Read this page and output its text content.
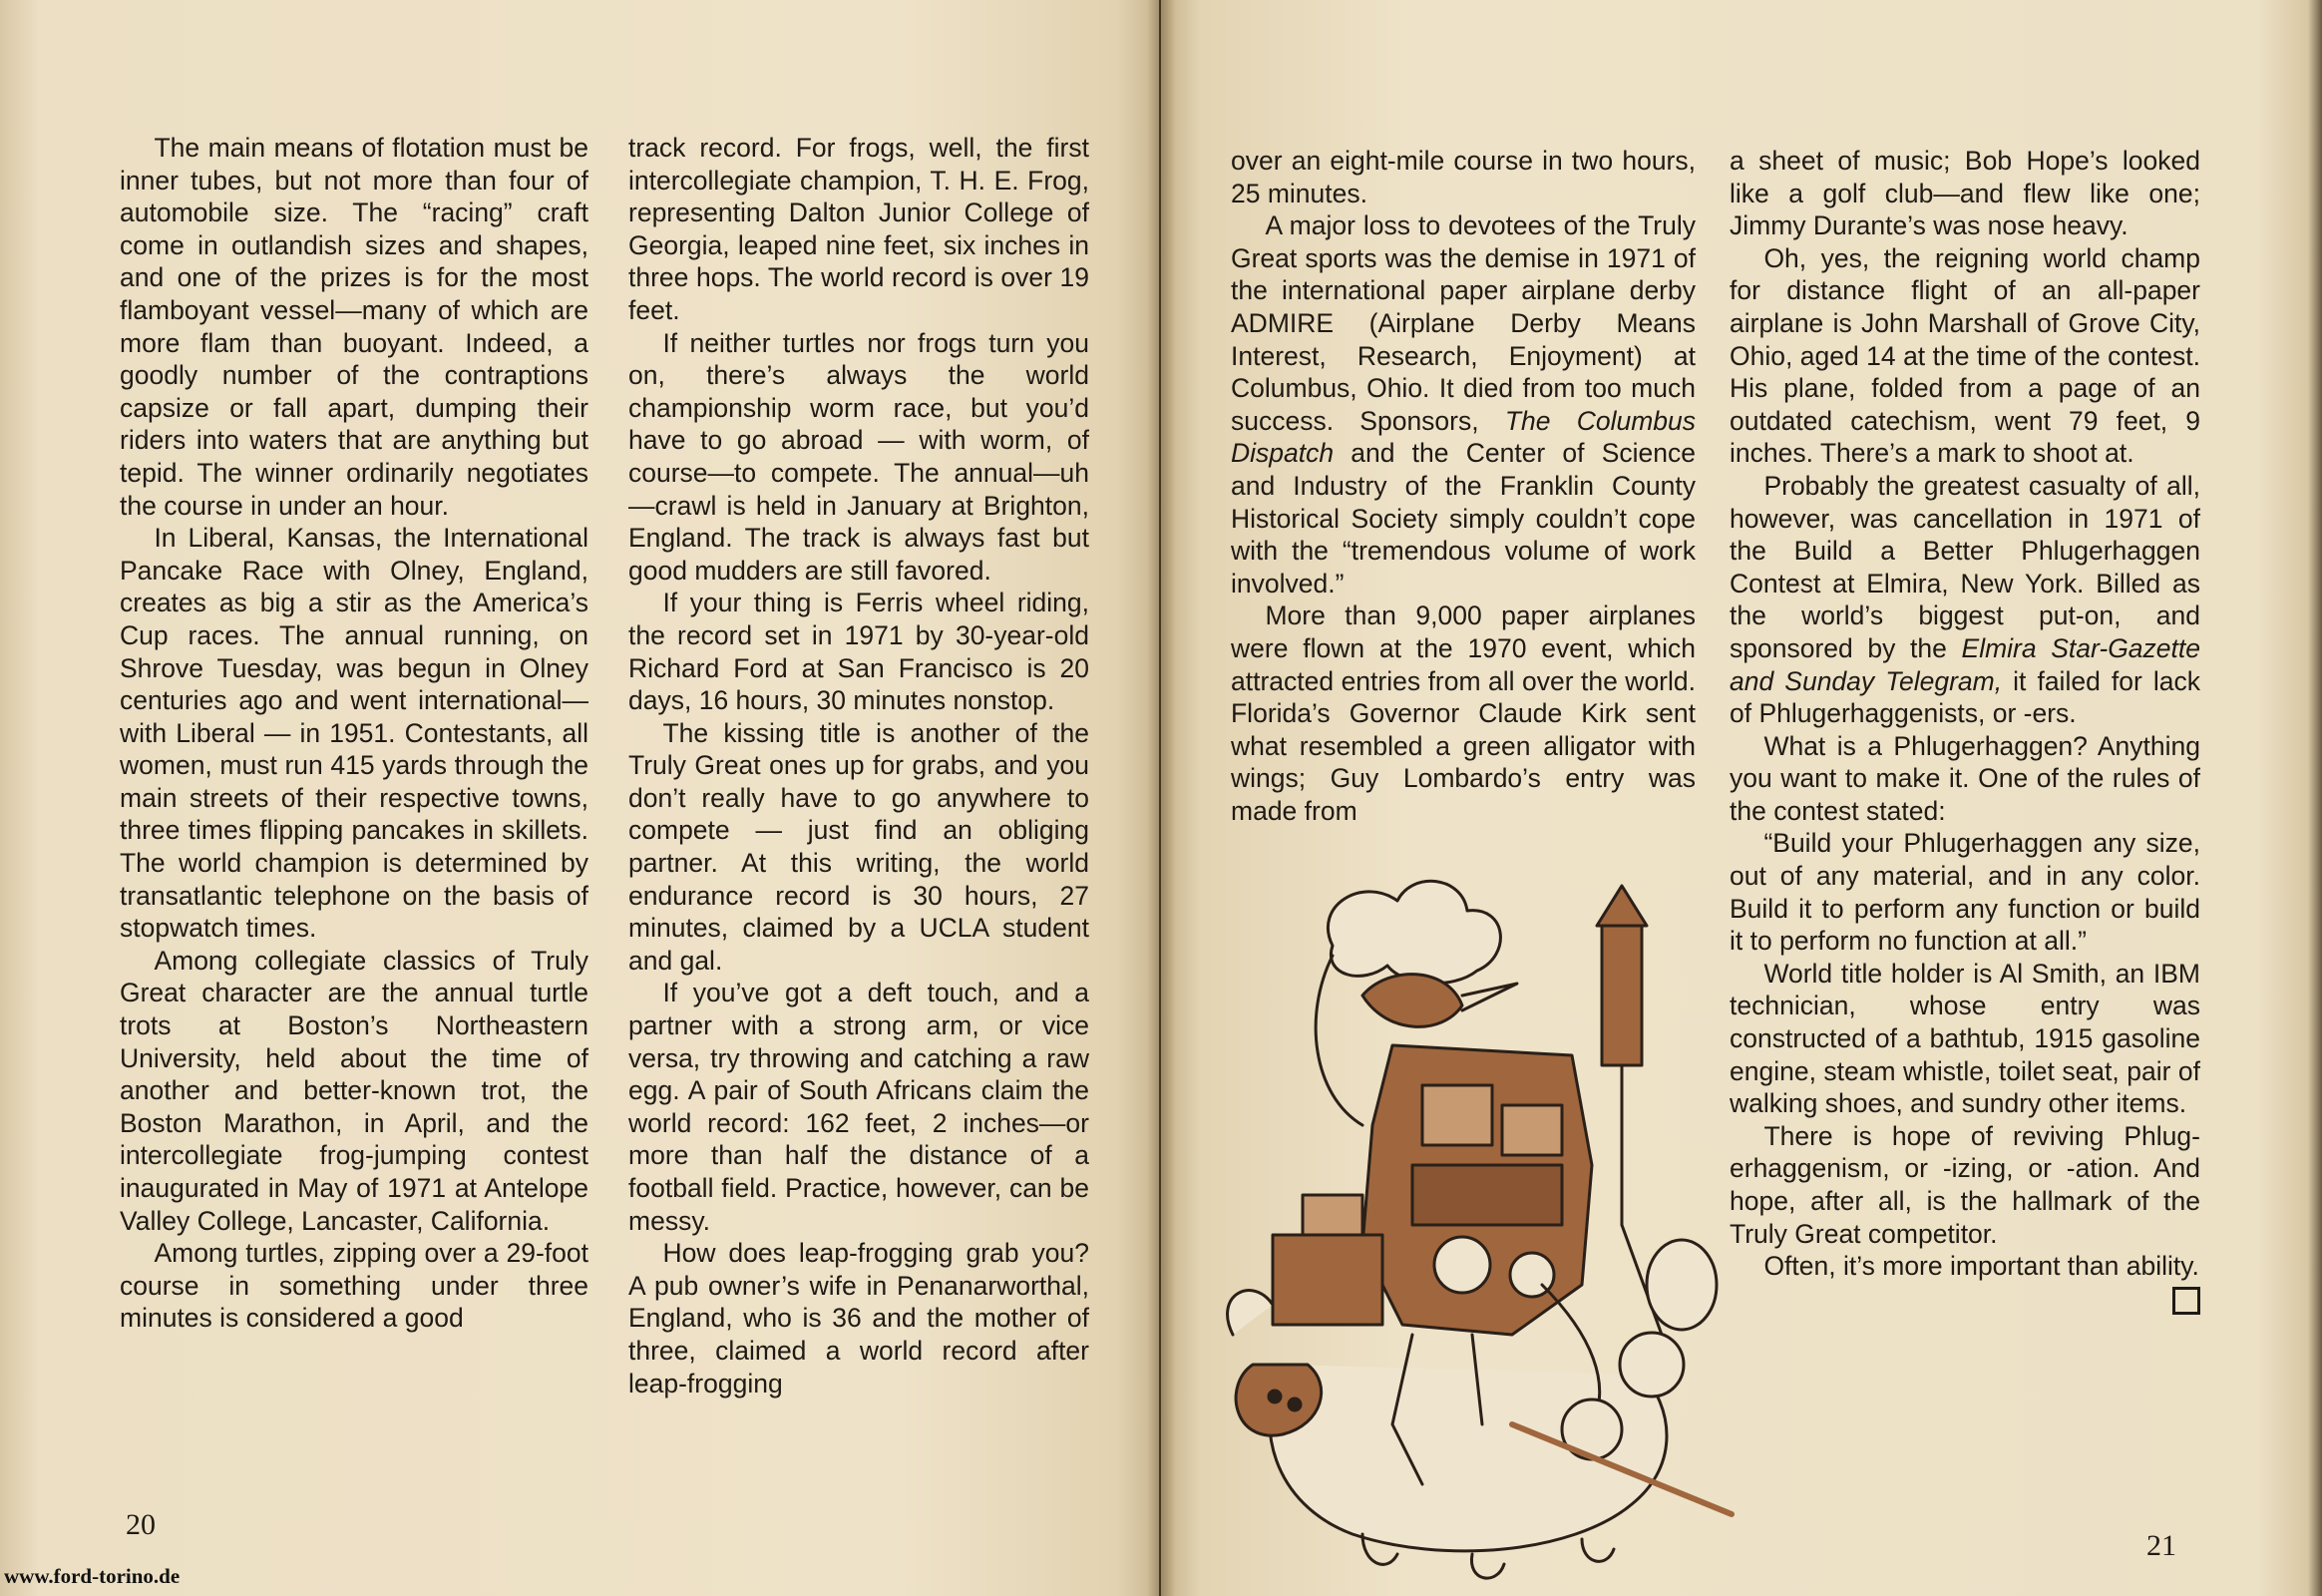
The main means of flotation must be inner tubes, but not more than four of automobile size. The “racing” craft come in outlandish sizes and shapes, and one of the prizes is for the most flamboyant vessel—many of which are more flam than buoyant. Indeed, a goodly number of the contraptions capsize or fall apart, dumping their riders into waters that are anything but tepid. The winner ordinarily negotiates the course in under an hour.

In Liberal, Kansas, the International Pancake Race with Olney, England, creates as big a stir as the America’s Cup races. The annual running, on Shrove Tuesday, was begun in Olney centuries ago and went international—with Liberal — in 1951. Contestants, all women, must run 415 yards through the main streets of their respective towns, three times flipping pancakes in skillets. The world champion is determined by transatlantic telephone on the basis of stopwatch times.

Among collegiate classics of Truly Great character are the annual turtle trots at Boston’s Northeastern University, held about the time of another and better-known trot, the Boston Marathon, in April, and the intercollegiate frog-jumping contest inaugurated in May of 1971 at Antelope Valley College, Lancaster, California.

Among turtles, zipping over a 29-foot course in something under three minutes is considered a good

track record. For frogs, well, the first intercollegiate champion, T. H. E. Frog, representing Dalton Junior College of Georgia, leaped nine feet, six inches in three hops. The world record is over 19 feet.

If neither turtles nor frogs turn you on, there’s always the world championship worm race, but you’d have to go abroad — with worm, of course—to compete. The annual—uh—crawl is held in January at Brighton, England. The track is always fast but good mudders are still favored.

If your thing is Ferris wheel riding, the record set in 1971 by 30-year-old Richard Ford at San Francisco is 20 days, 16 hours, 30 minutes nonstop.

The kissing title is another of the Truly Great ones up for grabs, and you don’t really have to go anywhere to compete — just find an obliging partner. At this writing, the world endurance record is 30 hours, 27 minutes, claimed by a UCLA student and gal.

If you’ve got a deft touch, and a partner with a strong arm, or vice versa, try throwing and catching a raw egg. A pair of South Africans claim the world record: 162 feet, 2 inches—or more than half the distance of a football field. Practice, however, can be messy.

How does leap-frogging grab you? A pub owner’s wife in Penanarworthal, England, who is 36 and the mother of three, claimed a world record after leap-frogging

20

over an eight-mile course in two hours, 25 minutes.

A major loss to devotees of the Truly Great sports was the demise in 1971 of the international paper airplane derby ADMIRE (Airplane Derby Means Interest, Research, Enjoyment) at Columbus, Ohio. It died from too much success. Sponsors, The Columbus Dispatch and the Center of Science and Industry of the Franklin County Historical Society simply couldn’t cope with the “tremendous volume of work involved.”

More than 9,000 paper airplanes were flown at the 1970 event, which attracted entries from all over the world. Florida’s Governor Claude Kirk sent what resembled a green alligator with wings; Guy Lombardo’s entry was made from

a sheet of music; Bob Hope’s looked like a golf club—and flew like one; Jimmy Durante’s was nose heavy.

Oh, yes, the reigning world champ for distance flight of an all-paper airplane is John Marshall of Grove City, Ohio, aged 14 at the time of the contest. His plane, folded from a page of an outdated catechism, went 79 feet, 9 inches. There’s a mark to shoot at.

Probably the greatest casualty of all, however, was cancellation in 1971 of the Build a Better Phlugerhaggen Contest at Elmira, New York. Billed as the world’s biggest put-on, and sponsored by the Elmira Star-Gazette and Sunday Telegram, it failed for lack of Phlugerhaggenists, or -ers.

What is a Phlugerhaggen? Anything you want to make it. One of the rules of the contest stated:

“Build your Phlugerhaggen any size, out of any material, and in any color. Build it to perform any function or build it to perform no function at all.”

World title holder is Al Smith, an IBM technician, whose entry was constructed of a bathtub, 1915 gasoline engine, steam whistle, toilet seat, pair of walking shoes, and sundry other items.

There is hope of reviving Phlugerhaggenism, or -izing, or -ation. And hope, after all, is the hallmark of the Truly Great competitor.

Often, it’s more important than ability.

21
www.ford-torino.de
